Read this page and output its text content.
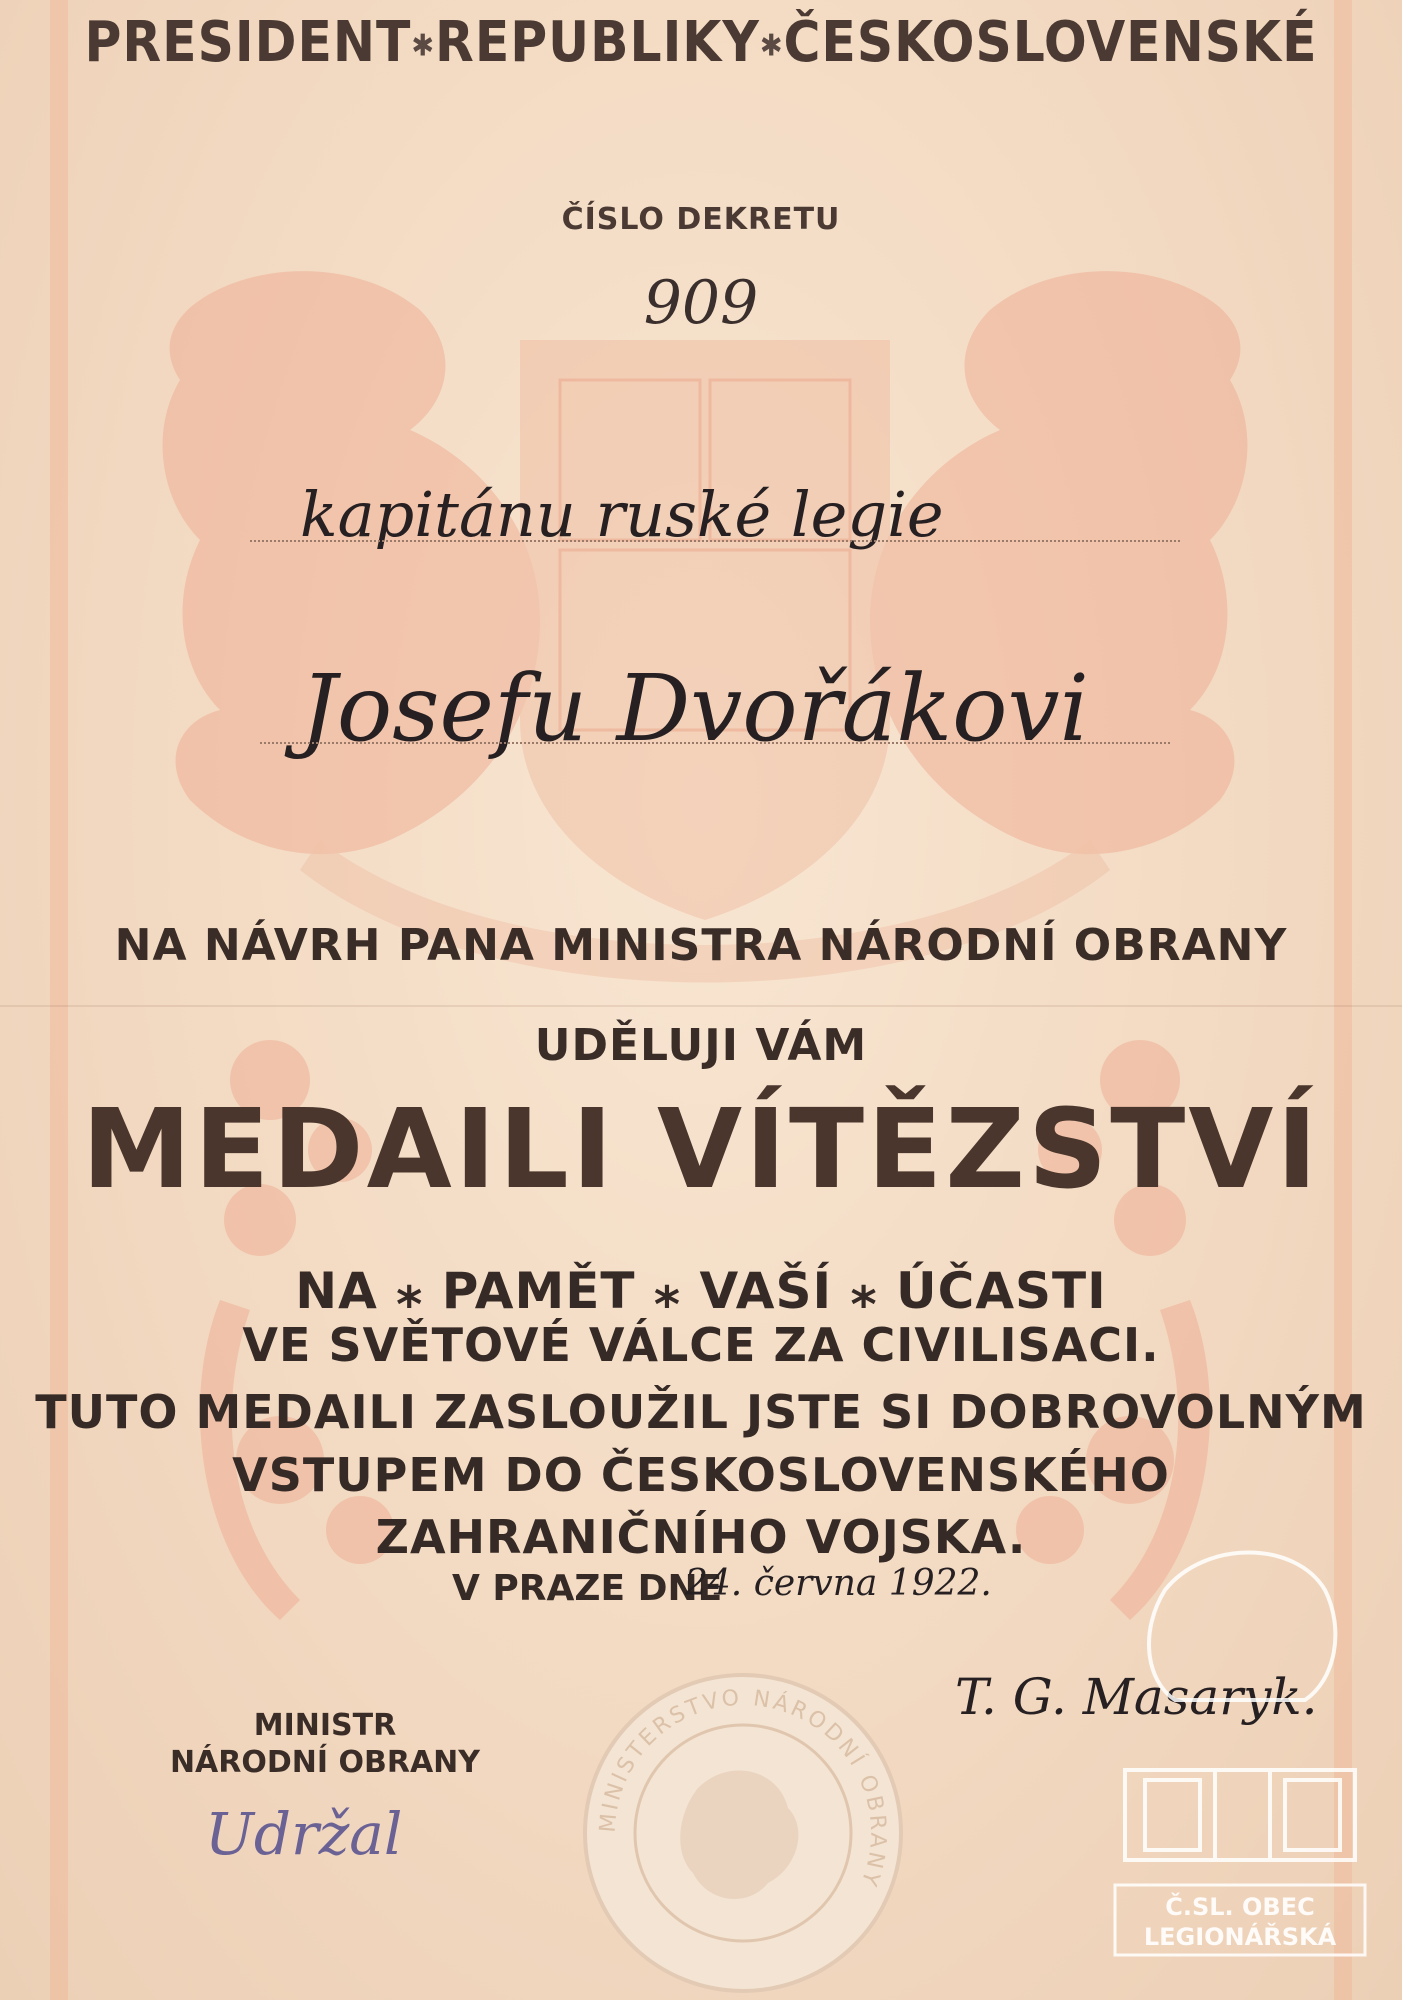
PRESIDENT✱REPUBLIKY✱ČESKOSLOVENSKÉ
ČÍSLO DEKRETU
909
kapitánu ruské legie
Josefu Dvořákovi
NA NÁVRH PANA MINISTRA NÁRODNÍ OBRANY
UDĚLUJI VÁM
MEDAILI VÍTĚZSTVÍ
NA ⁎ PAMĚT ⁎ VAŠÍ ⁎ ÚČASTI
VE SVĚTOVÉ VÁLCE ZA CIVILISACI.
TUTO MEDAILI ZASLOUŽIL JSTE SI DOBROVOLNÝM
VSTUPEM DO ČESKOSLOVENSKÉHO
ZAHRANIČNÍHO VOJSKA.
V PRAZE DNE
24. června 1922.
MINISTR
NÁRODNÍ OBRANY
Udržal
T. G. Masaryk.
MINISTERSTVO NÁRODNÍ OBRANY
Č.SL. OBEC
LEGIONÁŘSKÁ
